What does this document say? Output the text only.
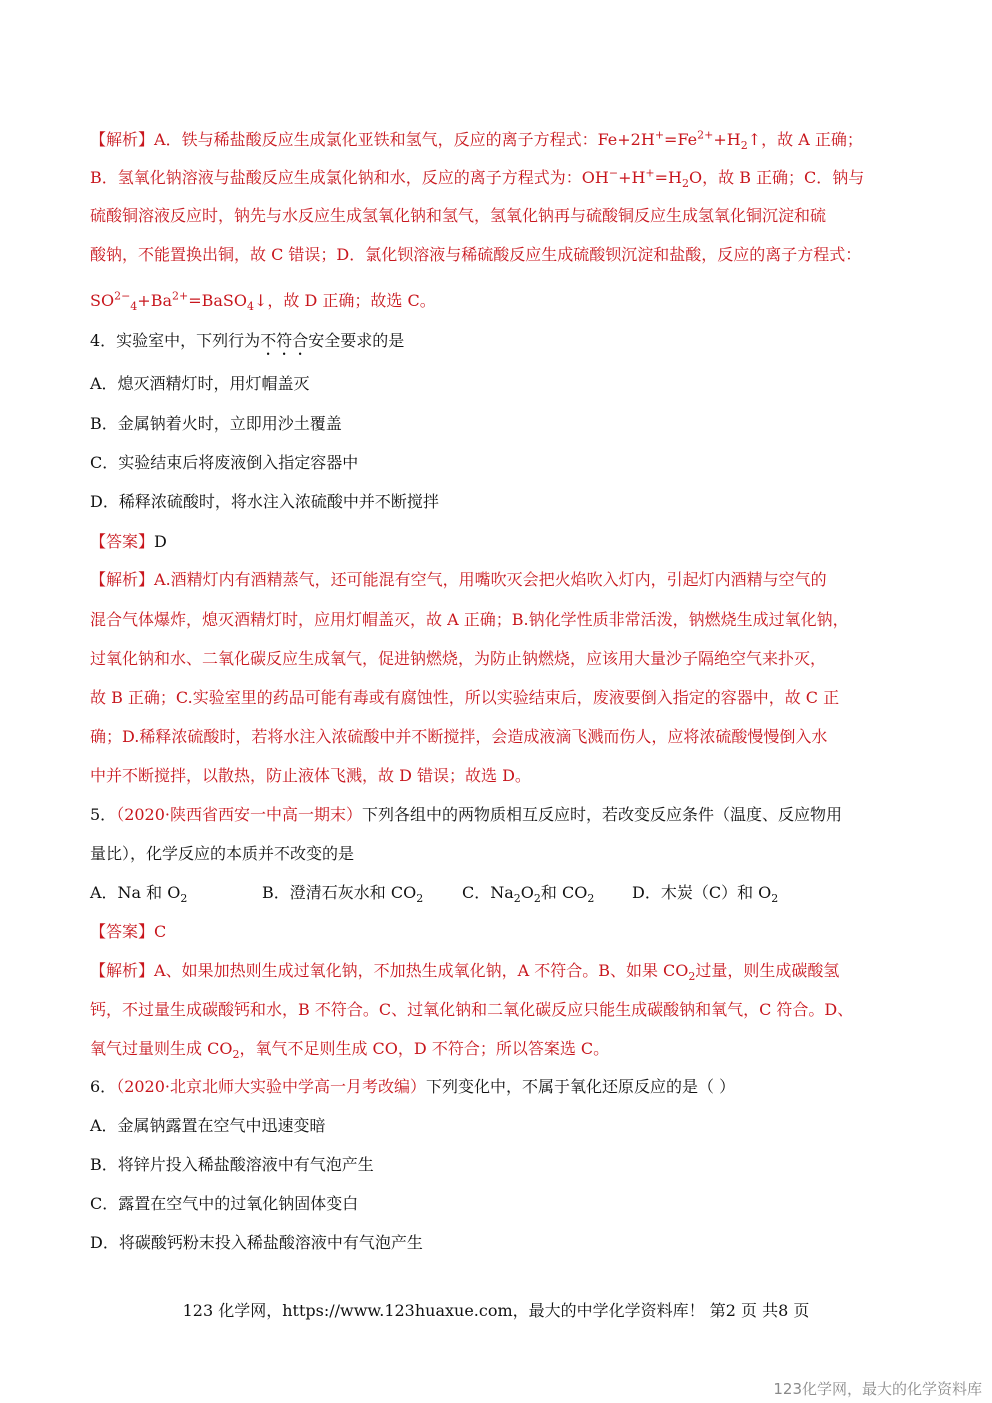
【解析】A．铁与稀盐酸反应生成氯化亚铁和氢气，反应的离子方程式：$Fe+2H^+=Fe^{2+}+H_2↑$，故 A 正确；
B．氢氧化钠溶液与盐酸反应生成氯化钠和水，反应的离子方程式为：$OH^-+H^+=H_2O$，故 B 正确；C．钠与
硫酸铜溶液反应时，钠先与水反应生成氢氧化钠和氢气，氢氧化钠再与硫酸铜反应生成氢氧化铜沉淀和硫
酸钠，不能置换出铜，故 C 错误；D．氯化钡溶液与稀硫酸反应生成硫酸钡沉淀和盐酸，反应的离子方程式：
$SO^{2-}_4+Ba^{2+}=BaSO_4↓$，故 D 正确；故选 C。
4．实验室中，下列行为不符合安全要求的是
A．熄灭酒精灯时，用灯帽盖灭
B．金属钠着火时，立即用沙土覆盖
C．实验结束后将废液倒入指定容器中
D．稀释浓硫酸时，将水注入浓硫酸中并不断搅拌
【答案】D
【解析】A.酒精灯内有酒精蒸气，还可能混有空气，用嘴吹灭会把火焰吹入灯内，引起灯内酒精与空气的
混合气体爆炸，熄灭酒精灯时，应用灯帽盖灭，故 A 正确；B.钠化学性质非常活泼，钠燃烧生成过氧化钠，
过氧化钠和水、二氧化碳反应生成氧气，促进钠燃烧，为防止钠燃烧，应该用大量沙子隔绝空气来扑灭，
故 B 正确；C.实验室里的药品可能有毒或有腐蚀性，所以实验结束后，废液要倒入指定的容器中，故 C 正
确；D.稀释浓硫酸时，若将水注入浓硫酸中并不断搅拌，会造成液滴飞溅而伤人，应将浓硫酸慢慢倒入水
中并不断搅拌，以散热，防止液体飞溅，故 D 错误；故选 D。
5．（2020·陕西省西安一中高一期末）下列各组中的两物质相互反应时，若改变反应条件（温度、反应物用
量比），化学反应的本质并不改变的是
A．Na 和 $O_2$	B．澄清石灰水和 $CO_2$ C．$Na_2O_2$和 $CO_2$ D．木炭（C）和 $O_2$
【答案】C
【解析】A、如果加热则生成过氧化钠，不加热生成氧化钠，A 不符合。B、如果 $CO_2$过量，则生成碳酸氢
钙，不过量生成碳酸钙和水，B 不符合。C、过氧化钠和二氧化碳反应只能生成碳酸钠和氧气，C 符合。D、
氧气过量则生成 $CO_2$，氧气不足则生成 CO，D 不符合；所以答案选 C。
6．（2020·北京北师大实验中学高一月考改编）下列变化中，不属于氧化还原反应的是（ ）
A．金属钠露置在空气中迅速变暗
B．将锌片投入稀盐酸溶液中有气泡产生
C．露置在空气中的过氧化钠固体变白
D．将碳酸钙粉末投入稀盐酸溶液中有气泡产生
123 化学网，https://www.123huaxue.com，最大的中学化学资料库！ 第2 页 共8 页
123化学网，最大的化学资料库
